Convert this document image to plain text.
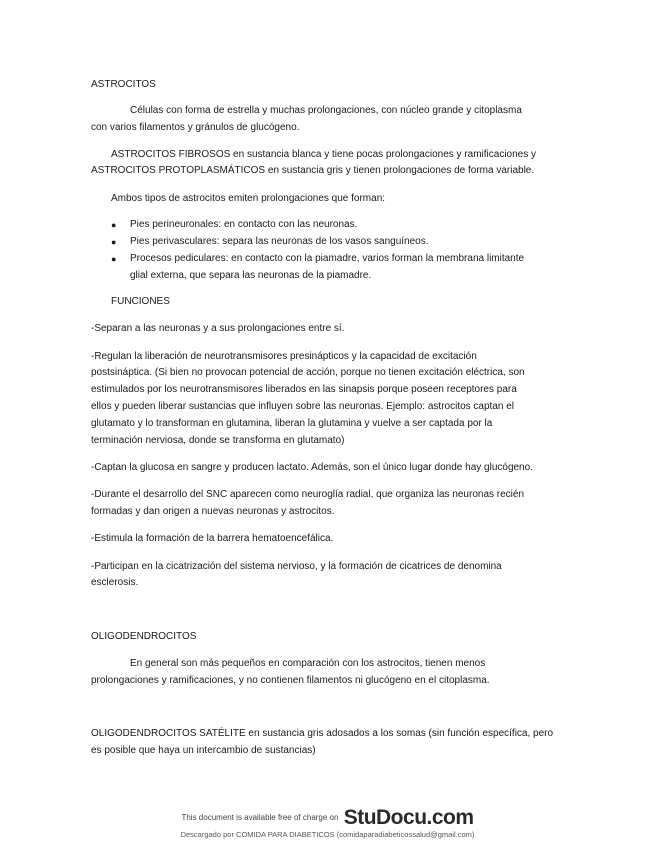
ASTROCITOS
Células con forma de estrella y muchas prolongaciones, con núcleo grande y citoplasma
con varios filamentos y gránulos de glucógeno.
ASTROCITOS FIBROSOS en sustancia blanca y tiene pocas prolongaciones y ramificaciones y
ASTROCITOS PROTOPLASMÁTICOS en sustancia gris y tienen prolongaciones de forma variable.
Ambos tipos de astrocitos emiten prolongaciones que forman:
● Pies perineuronales: en contacto con las neuronas.
● Pies perivasculares: separa las neuronas de los vasos sanguíneos.
● Procesos pediculares: en contacto con la piamadre, varios forman la membrana limitante
glial externa, que separa las neuronas de la piamadre.
FUNCIONES
-Separan a las neuronas y a sus prolongaciones entre sí.
-Regulan la liberación de neurotransmisores presinápticos y la capacidad de excitación
postsináptica. (Si bien no provocan potencial de acción, porque no tienen excitación eléctrica, son
estimulados por los neurotransmisores liberados en las sinapsis porque poseen receptores para
ellos y pueden liberar sustancias que influyen sobre las neuronas. Ejemplo: astrocitos captan el
glutamato y lo transforman en glutamina, liberan la glutamina y vuelve a ser captada por la
terminación nerviosa, donde se transforma en glutamato)
-Captan la glucosa en sangre y producen lactato. Además, son el único lugar donde hay glucógeno.
-Durante el desarrollo del SNC aparecen como neuroglía radial, que organiza las neuronas recién
formadas y dan origen a nuevas neuronas y astrocitos.
-Estimula la formación de la barrera hematoencefálica.
-Participan en la cicatrización del sistema nervioso, y la formación de cicatrices de denomina
esclerosis.
OLIGODENDROCITOS
En general son más pequeños en comparación con los astrocitos, tienen menos
prolongaciones y ramificaciones, y no contienen filamentos ni glucógeno en el citoplasma.
OLIGODENDROCITOS SATÉLITE en sustancia gris adosados a los somas (sin función específica, pero
es posible que haya un intercambio de sustancias)
This document is available free of charge on StuDocu.com
Descargado por COMIDA PARA DIABETICOS (comidaparadiabeticossalud@gmail.com)
